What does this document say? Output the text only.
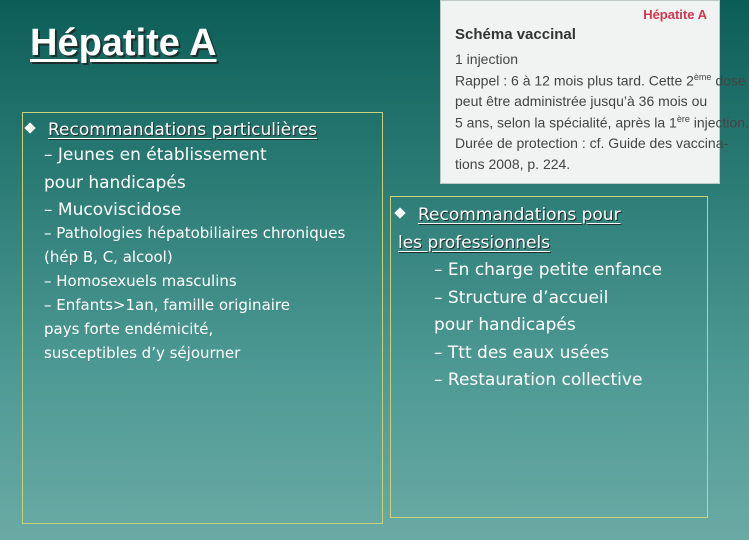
Hépatite A
Recommandations particulières
– Jeunes en établissement
pour handicapés
– Mucoviscidose
– Pathologies hépatobiliaires chroniques
(hép B, C, alcool)
– Homosexuels masculins
– Enfants>1an, famille originaire
pays forte endémicité,
susceptibles d’y séjourner
Recommandations pour
les professionnels
– En charge petite enfance
– Structure d’accueil
pour handicapés
– Ttt des eaux usées
– Restauration collective
Hépatite A
Schéma vaccinal
1 injection
Rappel : 6 à 12 mois plus tard. Cette 2ème dose
peut être administrée jusqu’à 36 mois ou
5 ans, selon la spécialité, après la 1ère injection.
Durée de protection : cf. Guide des vaccina-
tions 2008, p. 224.
